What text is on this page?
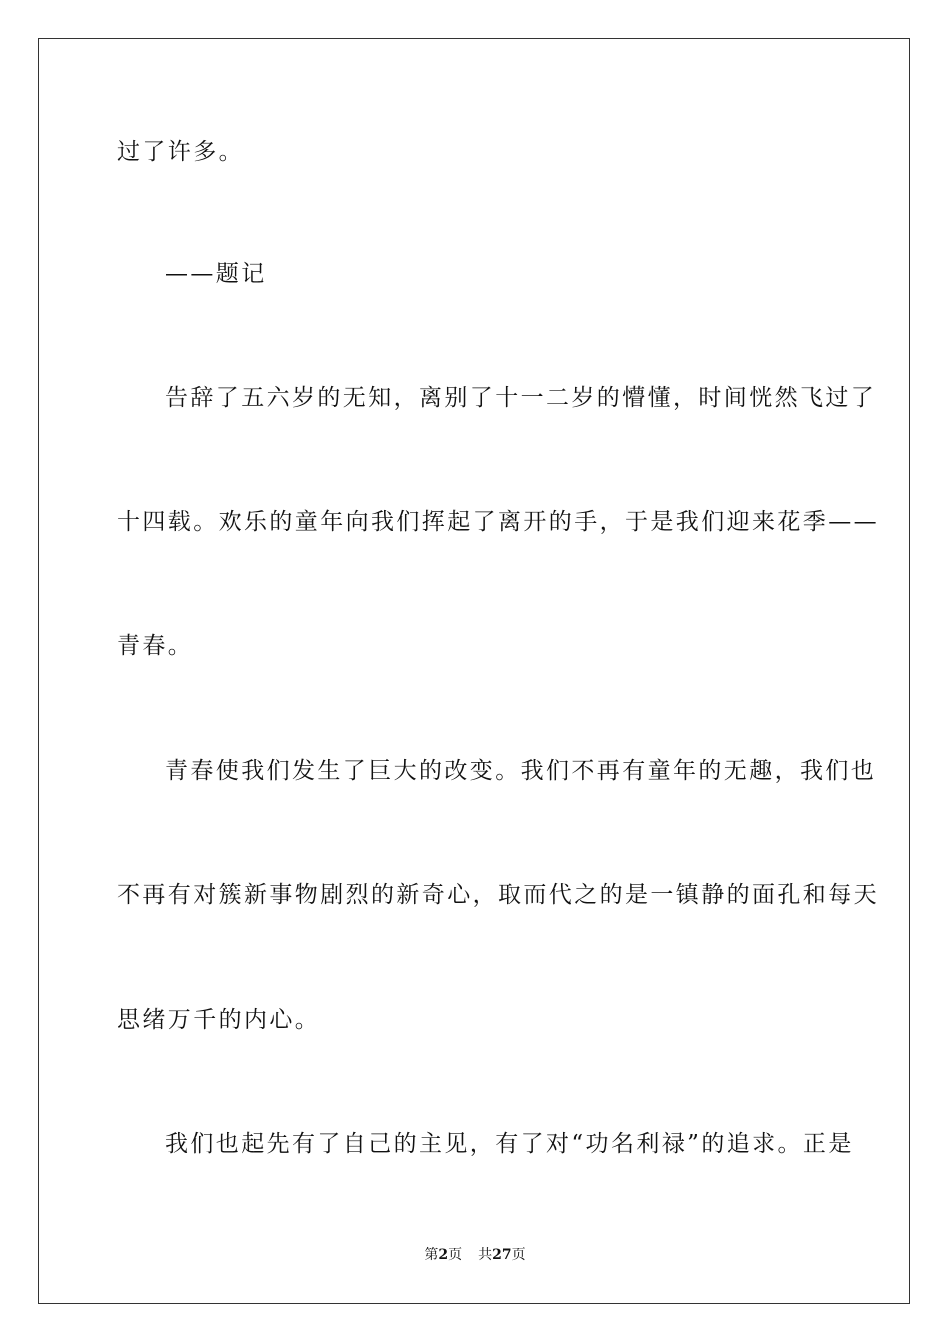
过了许多。
——题记
告辞了五六岁的无知，离别了十一二岁的懵懂，时间恍然飞过了
十四载。欢乐的童年向我们挥起了离开的手，于是我们迎来花季——
青春。
青春使我们发生了巨大的改变。我们不再有童年的无趣，我们也
不再有对簇新事物剧烈的新奇心，取而代之的是一镇静的面孔和每天
思绪万千的内心。
我们也起先有了自己的主见，有了对“功名利禄”的追求。正是
第2页 共27页
